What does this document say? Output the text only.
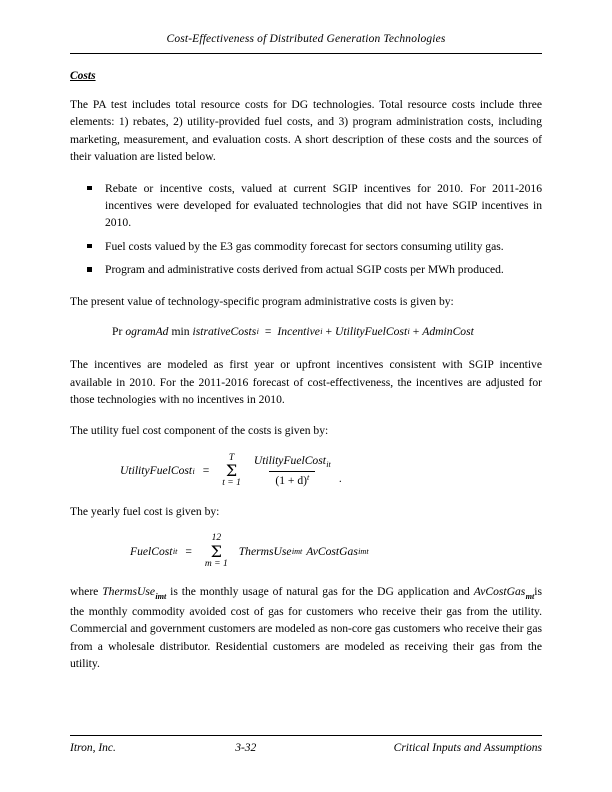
Cost-Effectiveness of Distributed Generation Technologies
Costs

The PA test includes total resource costs for DG technologies. Total resource costs include three elements: 1) rebates, 2) utility-provided fuel costs, and 3) program administration costs, including marketing, measurement, and evaluation costs. A short description of these costs and the sources of their valuation are listed below.

Rebate or incentive costs, valued at current SGIP incentives for 2010. For 2011-2016 incentives were developed for evaluated technologies that did not have SGIP incentives in 2010.
Fuel costs valued by the E3 gas commodity forecast for sectors consuming utility gas.
Program and administrative costs derived from actual SGIP costs per MWh produced.

The present value of technology-specific program administrative costs is given by:

Pr ogramAd min istrativeCosts i = Incentive i + UtilityFuelCost i + AdminCost

The incentives are modeled as first year or upfront incentives consistent with SGIP incentive available in 2010. For the 2011-2016 forecast of cost-effectiveness, the incentives are adjusted for those technologies with no incentives in 2010.

The utility fuel cost component of the costs is given by:

UtilityFuelCost i =
T
Σ
$t = 1 \frac{UtilityFuelCost_{it}}{(1 + d)^t}$ .

The yearly fuel cost is given by:

FuelCost it =
12
Σ
m = 1
ThermsUse imt AvCostGas imt

where ThermsUse$_{imt}$ is the monthly usage of natural gas for the DG application and AvCostGas$_{mt}$is the monthly commodity avoided cost of gas for customers who receive their gas from the utility. Commercial and government customers are modeled as non-core gas customers who receive their gas from a wholesale distributor. Residential customers are modeled as receiving their gas from the utility.

Itron, Inc.	3-32	Critical Inputs and Assumptions
